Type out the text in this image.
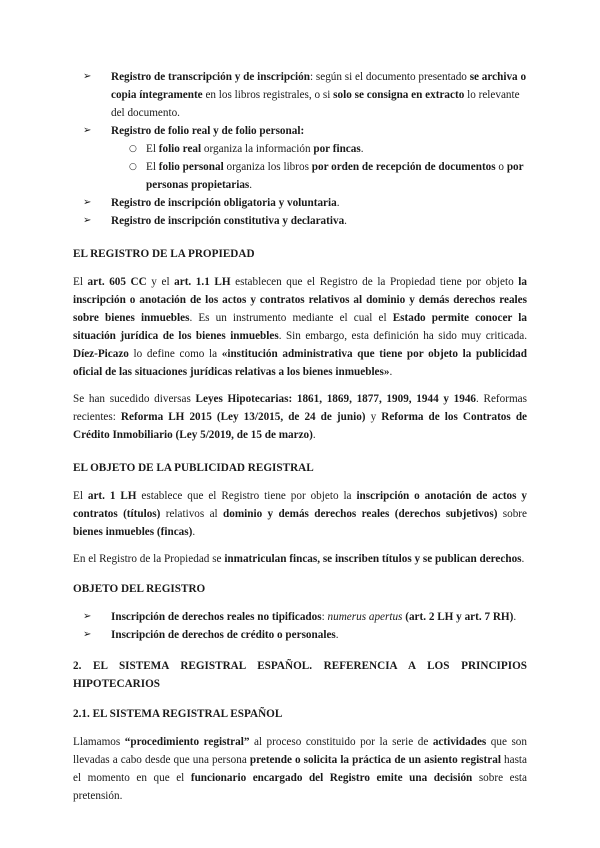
➢ Registro de transcripción y de inscripción: según si el documento presentado se archiva o copia íntegramente en los libros registrales, o si solo se consigna en extracto lo relevante del documento.
➢ Registro de folio real y de folio personal:
○ El folio real organiza la información por fincas.
○ El folio personal organiza los libros por orden de recepción de documentos o por personas propietarias.
➢ Registro de inscripción obligatoria y voluntaria.
➢ Registro de inscripción constitutiva y declarativa.
EL REGISTRO DE LA PROPIEDAD

El art. 605 CC y el art. 1.1 LH establecen que el Registro de la Propiedad tiene por objeto la inscripción o anotación de los actos y contratos relativos al dominio y demás derechos reales sobre bienes inmuebles. Es un instrumento mediante el cual el Estado permite conocer la situación jurídica de los bienes inmuebles. Sin embargo, esta definición ha sido muy criticada. Díez-Picazo lo define como la «institución administrativa que tiene por objeto la publicidad oficial de las situaciones jurídicas relativas a los bienes inmuebles».

Se han sucedido diversas Leyes Hipotecarias: 1861, 1869, 1877, 1909, 1944 y 1946. Reformas recientes: Reforma LH 2015 (Ley 13/2015, de 24 de junio) y Reforma de los Contratos de Crédito Inmobiliario (Ley 5/2019, de 15 de marzo).

EL OBJETO DE LA PUBLICIDAD REGISTRAL

El art. 1 LH establece que el Registro tiene por objeto la inscripción o anotación de actos y contratos (títulos) relativos al dominio y demás derechos reales (derechos subjetivos) sobre bienes inmuebles (fincas).

En el Registro de la Propiedad se inmatriculan fincas, se inscriben títulos y se publican derechos.

OBJETO DEL REGISTRO
➢ Inscripción de derechos reales no tipificados: numerus apertus (art. 2 LH y art. 7 RH).
➢ Inscripción de derechos de crédito o personales.
2. EL SISTEMA REGISTRAL ESPAÑOL. REFERENCIA A LOS PRINCIPIOS HIPOTECARIOS
2.1. EL SISTEMA REGISTRAL ESPAÑOL

Llamamos “procedimiento registral” al proceso constituido por la serie de actividades que son llevadas a cabo desde que una persona pretende o solicita la práctica de un asiento registral hasta el momento en que el funcionario encargado del Registro emite una decisión sobre esta pretensión.
